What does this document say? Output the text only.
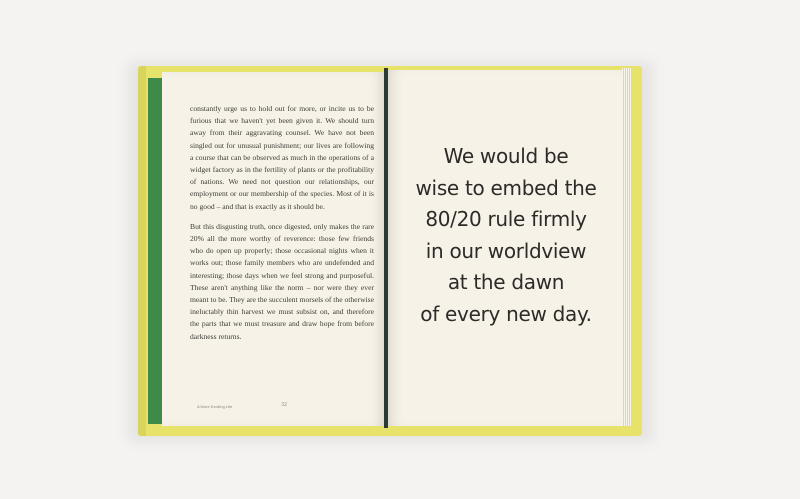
constantly urge us to hold out for more, or incite us to be furious that we haven't yet been given it. We should turn away from their aggravating counsel. We have not been singled out for unusual punishment; our lives are following a course that can be observed as much in the operations of a widget factory as in the fertility of plants or the profitability of nations. We need not question our relationships, our employment or our membership of the species. Most of it is no good – and that is exactly as it should be.

But this disgusting truth, once digested, only makes the rare 20% all the more worthy of reverence: those few friends who do open up properly; those occasional nights when it works out; those family members who are undefended and interesting; those days when we feel strong and purposeful. These aren't anything like the norm – nor were they ever meant to be. They are the succulent morsels of the otherwise ineluctably thin harvest we must subsist on, and therefore the parts that we must treasure and draw hope from before darkness returns.

A More Exciting Life	32
We would be
wise to embed the
80/20 rule firmly
in our worldview
at the dawn
of every new day.
